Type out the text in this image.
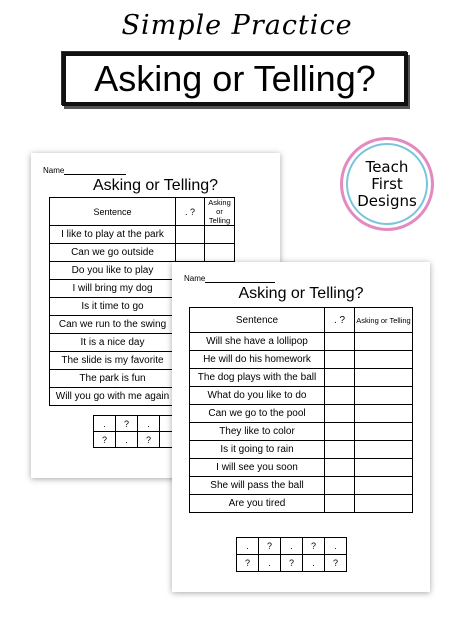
Simple Practice
Asking or Telling?
Teach
First
Designs
Name
Asking or Telling?
Sentence	. ?	Asking or Telling
I like to play at the park		
Can we go outside		
Do you like to play		
I will bring my dog		
Is it time to go		
Can we run to the swing		
It is a nice day		
The slide is my favorite		
The park is fun		
Will you go with me again		
.	?	.	
?	.	?	
Name
Asking or Telling?
Sentence	. ?	Asking or Telling
Will she have a lollipop		
He will do his homework		
The dog plays with the ball		
What do you like to do		
Can we go to the pool		
They like to color		
Is it going to rain		
I will see you soon		
She will pass the ball		
Are you tired		
.	?	.	?	.
?	.	?	.	?
